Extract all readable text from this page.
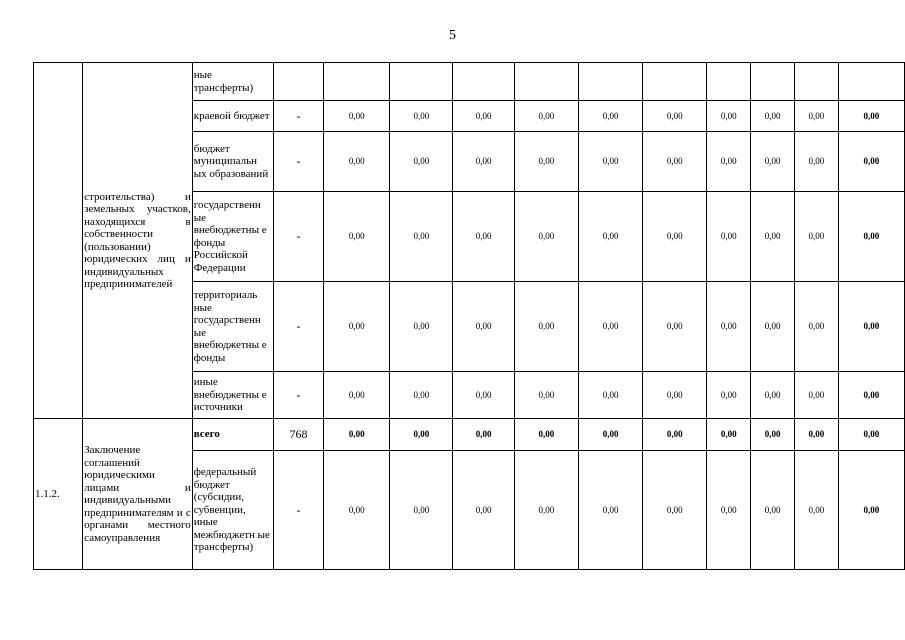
5
	строительства) и земельных участков, находящихся в собственности (пользовании) юридических лиц и индивидуальных предпринимателей	ные трансферты)											
		краевой бюджет	-	0,00	0,00	0,00	0,00	0,00	0,00	0,00	0,00	0,00	0,00
		бюджет муниципальн ых образований	-	0,00	0,00	0,00	0,00	0,00	0,00	0,00	0,00	0,00	0,00
		государственн ые внебюджетны е фонды Российской Федерации	-	0,00	0,00	0,00	0,00	0,00	0,00	0,00	0,00	0,00	0,00
		территориаль ные государственн ые внебюджетны е фонды	-	0,00	0,00	0,00	0,00	0,00	0,00	0,00	0,00	0,00	0,00
		иные внебюджетны е источники	-	0,00	0,00	0,00	0,00	0,00	0,00	0,00	0,00	0,00	0,00
1.1.2.	Заключение соглашений юридическими лицами и индивидуальными предпринимателям и с органами местного самоуправления	всего	768	0,00	0,00	0,00	0,00	0,00	0,00	0,00	0,00	0,00	0,00
		федеральный бюджет (субсидии, субвенции, иные межбюджетн ые трансферты)	-	0,00	0,00	0,00	0,00	0,00	0,00	0,00	0,00	0,00	0,00
